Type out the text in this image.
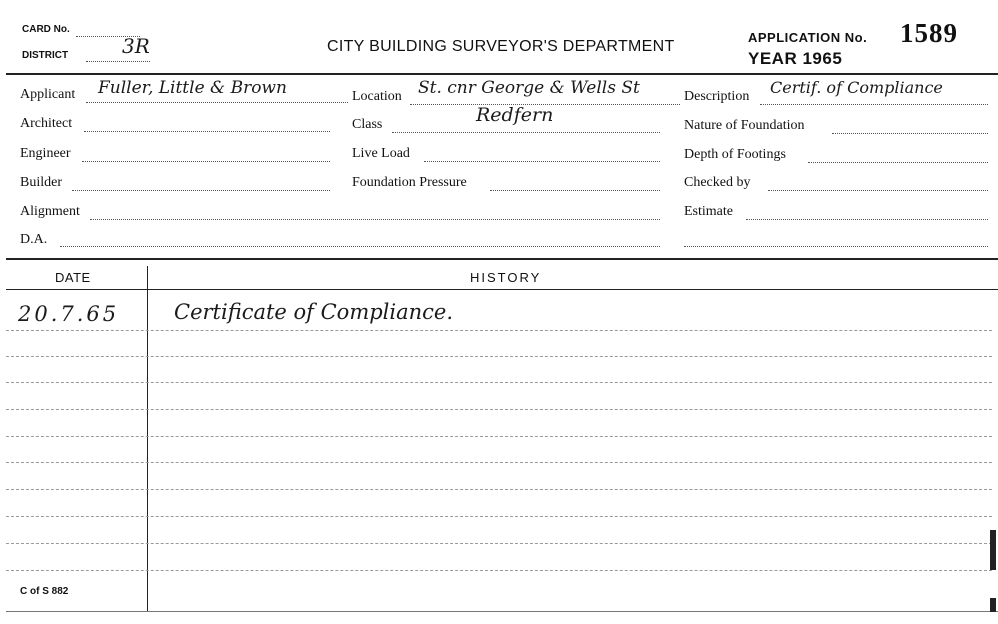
CARD No.
DISTRICT	3R	CITY BUILDING SURVEYOR'S DEPARTMENT
APPLICATION No. 1589
YEAR 1965
Applicant Fuller, Little & Brown
Architect
Engineer
Builder
Alignment
D.A.
Location St. cnr George & Wells St
Class	Redfern
Live Load
Foundation Pressure
Description Certif. of Compliance
Nature of Foundation
Depth of Footings
Checked by
Estimate
DATE	HISTORY
20.7.65	Certificate of Compliance.
C of S 882
